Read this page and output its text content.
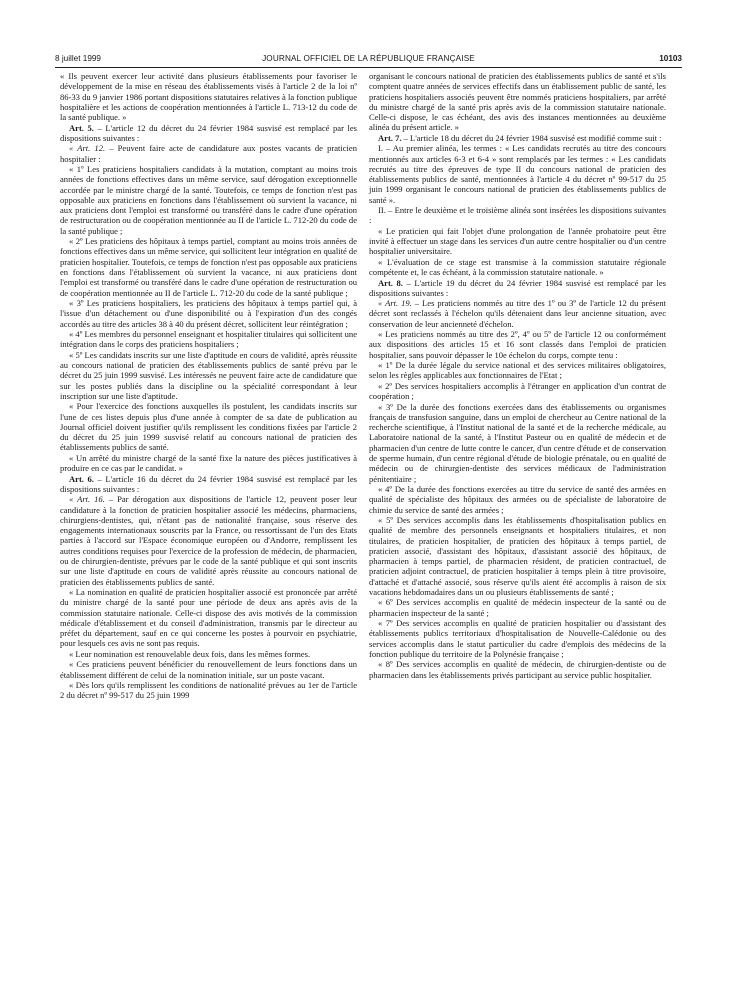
8 juillet 1999	JOURNAL OFFICIEL DE LA RÉPUBLIQUE FRANÇAISE	10103

« Ils peuvent exercer leur activité dans plusieurs établissements pour favoriser le développement de la mise en réseau des établissements visés à l'article 2 de la loi nº 86-33 du 9 janvier 1986 portant dispositions statutaires relatives à la fonction publique hospitalière et les actions de coopération mentionnées à l'article L. 713-12 du code de la santé publique. »

Art. 5. – L'article 12 du décret du 24 février 1984 susvisé est remplacé par les dispositions suivantes :

« Art. 12. – Peuvent faire acte de candidature aux postes vacants de praticien hospitalier :

« 1º Les praticiens hospitaliers candidats à la mutation, comptant au moins trois années de fonctions effectives dans un même service, sauf dérogation exceptionnelle accordée par le ministre chargé de la santé. Toutefois, ce temps de fonction n'est pas opposable aux praticiens en fonctions dans l'établissement où survient la vacance, ni aux praticiens dont l'emploi est transformé ou transféré dans le cadre d'une opération de restructuration ou de coopération mentionnée au II de l'article L. 712-20 du code de la santé publique ;

« 2º Les praticiens des hôpitaux à temps partiel, comptant au moins trois années de fonctions effectives dans un même service, qui sollicitent leur intégration en qualité de praticien hospitalier. Toutefois, ce temps de fonction n'est pas opposable aux praticiens en fonctions dans l'établissement où survient la vacance, ni aux praticiens dont l'emploi est transformé ou transféré dans le cadre d'une opération de restructuration ou de coopération mentionnée au II de l'article L. 712-20 du code de la santé publique ;

« 3º Les praticiens hospitaliers, les praticiens des hôpitaux à temps partiel qui, à l'issue d'un détachement ou d'une disponibilité ou à l'expiration d'un des congés accordés au titre des articles 38 à 40 du présent décret, sollicitent leur réintégration ;

« 4º Les membres du personnel enseignant et hospitalier titulaires qui sollicitent une intégration dans le corps des praticiens hospitaliers ;

« 5º Les candidats inscrits sur une liste d'aptitude en cours de validité, après réussite au concours national de praticien des établissements publics de santé prévu par le décret du 25 juin 1999 susvisé. Les intéressés ne peuvent faire acte de candidature que sur les postes publiés dans la discipline ou la spécialité correspondant à leur inscription sur une liste d'aptitude.

« Pour l'exercice des fonctions auxquelles ils postulent, les candidats inscrits sur l'une de ces listes depuis plus d'une année à compter de sa date de publication au Journal officiel doivent justifier qu'ils remplissent les conditions fixées par l'article 2 du décret du 25 juin 1999 susvisé relatif au concours national de praticien des établissements publics de santé.

« Un arrêté du ministre chargé de la santé fixe la nature des pièces justificatives à produire en ce cas par le candidat. »

Art. 6. – L'article 16 du décret du 24 février 1984 susvisé est remplacé par les dispositions suivantes :

« Art. 16. – Par dérogation aux dispositions de l'article 12, peuvent poser leur candidature à la fonction de praticien hospitalier associé les médecins, pharmaciens, chirurgiens-dentistes, qui, n'étant pas de nationalité française, sous réserve des engagements internationaux souscrits par la France, ou ressortissant de l'un des Etats parties à l'accord sur l'Espace économique européen ou d'Andorre, remplissent les autres conditions requises pour l'exercice de la profession de médecin, de pharmacien, ou de chirurgien-dentiste, prévues par le code de la santé publique et qui sont inscrits sur une liste d'aptitude en cours de validité après réussite au concours national de praticien des établissements publics de santé.

« La nomination en qualité de praticien hospitalier associé est prononcée par arrêté du ministre chargé de la santé pour une période de deux ans après avis de la commission statutaire nationale. Celle-ci dispose des avis motivés de la commission médicale d'établissement et du conseil d'administration, transmis par le directeur au préfet du département, sauf en ce qui concerne les postes à pourvoir en psychiatrie, pour lesquels ces avis ne sont pas requis.

« Leur nomination est renouvelable deux fois, dans les mêmes formes.

« Ces praticiens peuvent bénéficier du renouvellement de leurs fonctions dans un établissement différent de celui de la nomination initiale, sur un poste vacant.

« Dès lors qu'ils remplissent les conditions de nationalité prévues au 1er de l'article 2 du décret nº 99-517 du 25 juin 1999

organisant le concours national de praticien des établissements publics de santé et s'ils comptent quatre années de services effectifs dans un établissement public de santé, les praticiens hospitaliers associés peuvent être nommés praticiens hospitaliers, par arrêté du ministre chargé de la santé pris après avis de la commission statutaire nationale. Celle-ci dispose, le cas échéant, des avis des instances mentionnées au deuxième alinéa du présent article. »

Art. 7. – L'article 18 du décret du 24 février 1984 susvisé est modifié comme suit :

I. – Au premier alinéa, les termes : « Les candidats recrutés au titre des concours mentionnés aux articles 6-3 et 6-4 » sont remplacés par les termes : « Les candidats recrutés au titre des épreuves de type II du concours national de praticien des établissements publics de santé, mentionnées à l'article 4 du décret nº 99-517 du 25 juin 1999 organisant le concours national de praticien des établissements publics de santé ».

II. – Entre le deuxième et le troisième alinéa sont insérées les dispositions suivantes :

« Le praticien qui fait l'objet d'une prolongation de l'année probatoire peut être invité à effectuer un stage dans les services d'un autre centre hospitalier ou d'un centre hospitalier universitaire.

« L'évaluation de ce stage est transmise à la commission statutaire régionale compétente et, le cas échéant, à la commission statutaire nationale. »

Art. 8. – L'article 19 du décret du 24 février 1984 susvisé est remplacé par les dispositions suivantes :

« Art. 19. – Les praticiens nommés au titre des 1º ou 3º de l'article 12 du présent décret sont reclassés à l'échelon qu'ils détenaient dans leur ancienne situation, avec conservation de leur ancienneté d'échelon.

« Les praticiens nommés au titre des 2º, 4º ou 5º de l'article 12 ou conformément aux dispositions des articles 15 et 16 sont classés dans l'emploi de praticien hospitalier, sans pouvoir dépasser le 10e échelon du corps, compte tenu :

« 1º De la durée légale du service national et des services militaires obligatoires, selon les règles applicables aux fonctionnaires de l'Etat ;

« 2º Des services hospitaliers accomplis à l'étranger en application d'un contrat de coopération ;

« 3º De la durée des fonctions exercées dans des établissements ou organismes français de transfusion sanguine, dans un emploi de chercheur au Centre national de la recherche scientifique, à l'Institut national de la santé et de la recherche médicale, au Laboratoire national de la santé, à l'Institut Pasteur ou en qualité de médecin et de pharmacien d'un centre de lutte contre le cancer, d'un centre d'étude et de conservation de sperme humain, d'un centre régional d'étude de biologie prénatale, ou en qualité de médecin ou de chirurgien-dentiste des services médicaux de l'administration pénitentiaire ;

« 4º De la durée des fonctions exercées au titre du service de santé des armées en qualité de spécialiste des hôpitaux des armées ou de spécialiste de laboratoire de chimie du service de santé des armées ;

« 5º Des services accomplis dans les établissements d'hospitalisation publics en qualité de membre des personnels enseignants et hospitaliers titulaires, et non titulaires, de praticien hospitalier, de praticien des hôpitaux à temps partiel, de praticien associé, d'assistant des hôpitaux, d'assistant associé des hôpitaux, de pharmacien à temps partiel, de pharmacien résident, de praticien contractuel, de praticien adjoint contractuel, de praticien hospitalier à temps plein à titre provisoire, d'attaché et d'attaché associé, sous réserve qu'ils aient été accomplis à raison de six vacations hebdomadaires dans un ou plusieurs établissements de santé ;

« 6º Des services accomplis en qualité de médecin inspecteur de la santé ou de pharmacien inspecteur de la santé ;

« 7º Des services accomplis en qualité de praticien hospitalier ou d'assistant des établissements publics territoriaux d'hospitalisation de Nouvelle-Calédonie ou des services accomplis dans le statut particulier du cadre d'emplois des médecins de la fonction publique du territoire de la Polynésie française ;

« 8º Des services accomplis en qualité de médecin, de chirurgien-dentiste ou de pharmacien dans les établissements privés participant au service public hospitalier.
